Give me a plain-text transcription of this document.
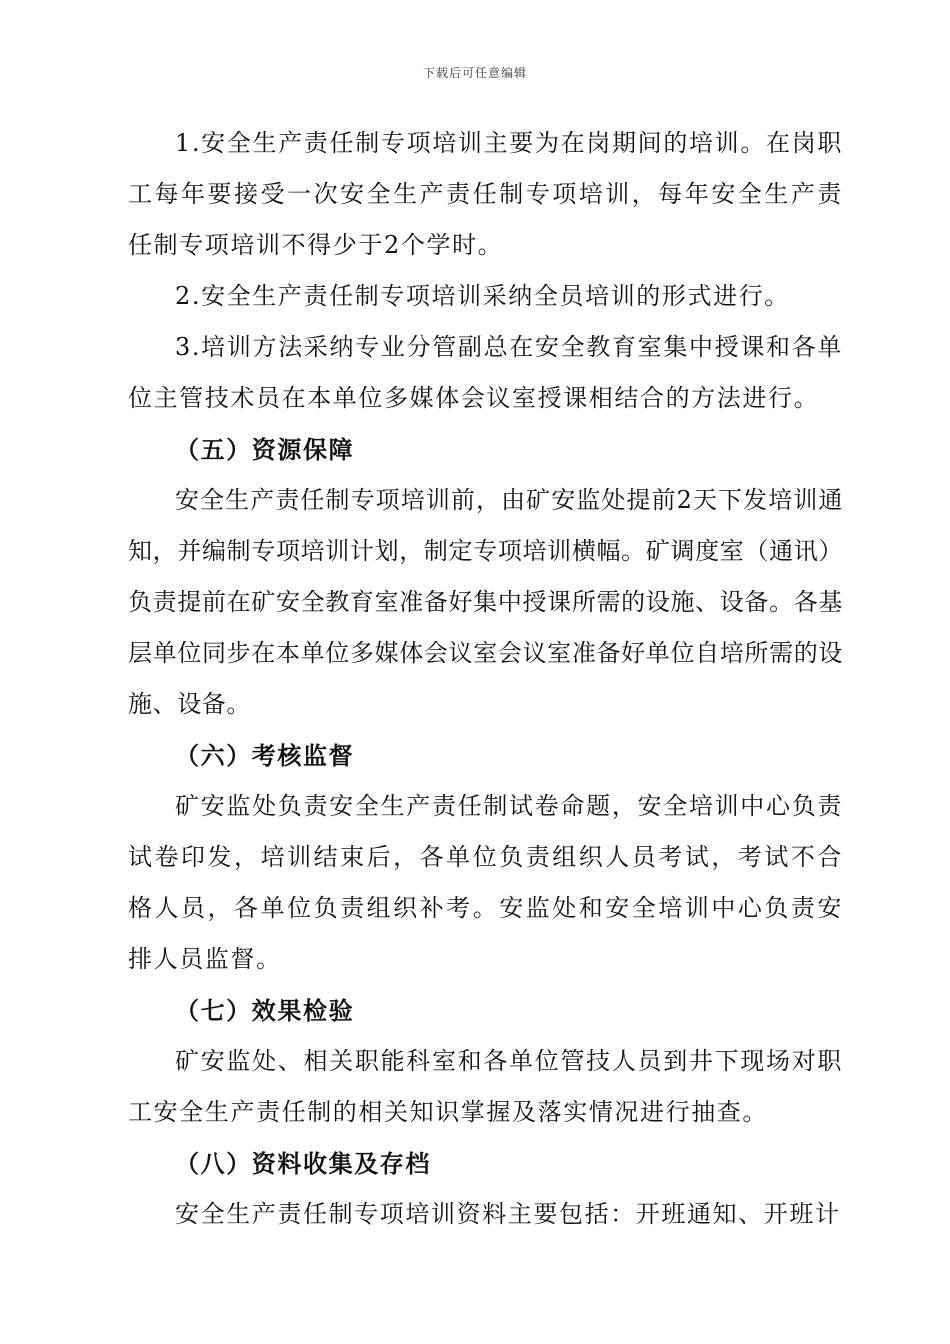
下载后可任意编辑

1.安全生产责任制专项培训主要为在岗期间的培训。在岗职工每年要接受一次安全生产责任制专项培训，每年安全生产责任制专项培训不得少于2个学时。

2.安全生产责任制专项培训采纳全员培训的形式进行。

3.培训方法采纳专业分管副总在安全教育室集中授课和各单位主管技术员在本单位多媒体会议室授课相结合的方法进行。

（五）资源保障

安全生产责任制专项培训前，由矿安监处提前2天下发培训通知，并编制专项培训计划，制定专项培训横幅。矿调度室（通讯）负责提前在矿安全教育室准备好集中授课所需的设施、设备。各基层单位同步在本单位多媒体会议室会议室准备好单位自培所需的设施、设备。

（六）考核监督

矿安监处负责安全生产责任制试卷命题，安全培训中心负责试卷印发，培训结束后，各单位负责组织人员考试，考试不合格人员，各单位负责组织补考。安监处和安全培训中心负责安排人员监督。

（七）效果检验

矿安监处、相关职能科室和各单位管技人员到井下现场对职工安全生产责任制的相关知识掌握及落实情况进行抽查。

（八）资料收集及存档

安全生产责任制专项培训资料主要包括：开班通知、开班计
